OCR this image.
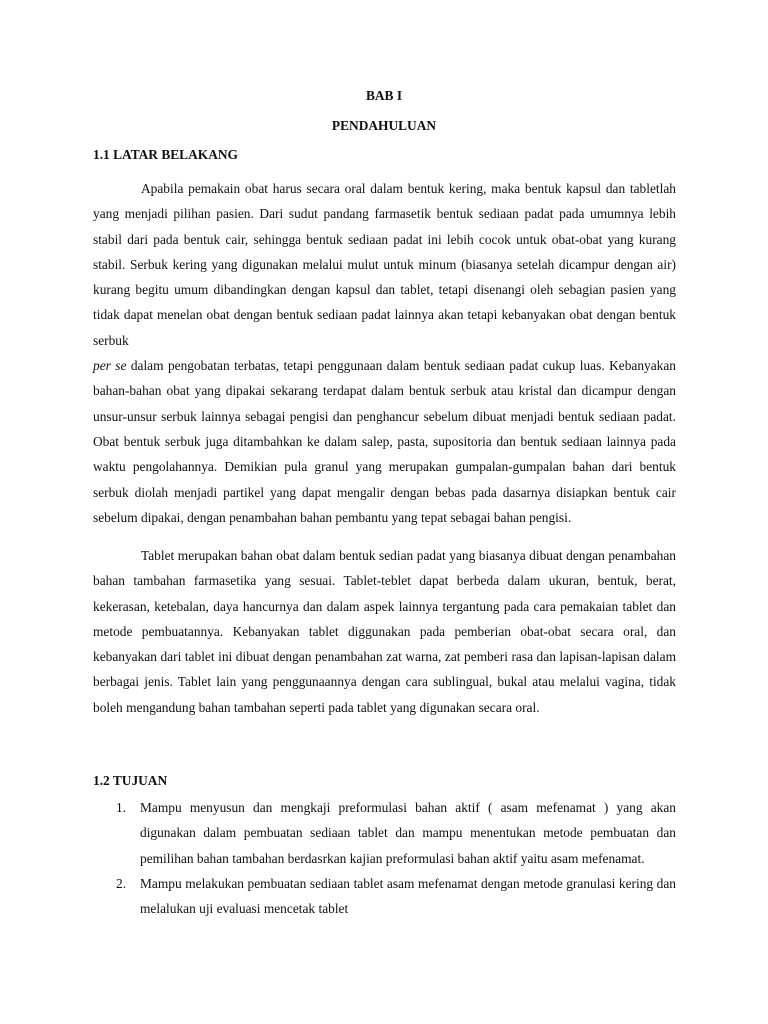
BAB I
PENDAHULUAN
1.1 LATAR BELAKANG

Apabila pemakain obat harus secara oral dalam bentuk kering, maka bentuk kapsul dan tabletlah yang menjadi pilihan pasien. Dari sudut pandang farmasetik bentuk sediaan padat pada umumnya lebih stabil dari pada bentuk cair, sehingga bentuk sediaan padat ini lebih cocok untuk obat-obat yang kurang stabil. Serbuk kering yang digunakan melalui mulut untuk minum (biasanya setelah dicampur dengan air) kurang begitu umum dibandingkan dengan kapsul dan tablet, tetapi disenangi oleh sebagian pasien yang tidak dapat menelan obat dengan bentuk sediaan padat lainnya akan tetapi kebanyakan obat dengan bentuk serbuk
per se dalam pengobatan terbatas, tetapi penggunaan dalam bentuk sediaan padat cukup luas. Kebanyakan bahan-bahan obat yang dipakai sekarang terdapat dalam bentuk serbuk atau kristal dan dicampur dengan unsur-unsur serbuk lainnya sebagai pengisi dan penghancur sebelum dibuat menjadi bentuk sediaan padat. Obat bentuk serbuk juga ditambahkan ke dalam salep, pasta, supositoria dan bentuk sediaan lainnya pada waktu pengolahannya. Demikian pula granul yang merupakan gumpalan-gumpalan bahan dari bentuk serbuk diolah menjadi partikel yang dapat mengalir dengan bebas pada dasarnya disiapkan bentuk cair sebelum dipakai, dengan penambahan bahan pembantu yang tepat sebagai bahan pengisi.

Tablet merupakan bahan obat dalam bentuk sedian padat yang biasanya dibuat dengan penambahan bahan tambahan farmasetika yang sesuai. Tablet-teblet dapat berbeda dalam ukuran, bentuk, berat, kekerasan, ketebalan, daya hancurnya dan dalam aspek lainnya tergantung pada cara pemakaian tablet dan metode pembuatannya. Kebanyakan tablet diggunakan pada pemberian obat-obat secara oral, dan kebanyakan dari tablet ini dibuat dengan penambahan zat warna, zat pemberi rasa dan lapisan-lapisan dalam berbagai jenis. Tablet lain yang penggunaannya dengan cara sublingual, bukal atau melalui vagina, tidak boleh mengandung bahan tambahan seperti pada tablet yang digunakan secara oral.

1.2 TUJUAN
1. Mampu menyusun dan mengkaji preformulasi bahan aktif ( asam mefenamat ) yang akan digunakan dalam pembuatan sediaan tablet dan mampu menentukan metode pembuatan dan pemilihan bahan tambahan berdasrkan kajian preformulasi bahan aktif yaitu asam mefenamat.
2. Mampu melakukan pembuatan sediaan tablet asam mefenamat dengan metode granulasi kering dan melalukan uji evaluasi mencetak tablet
